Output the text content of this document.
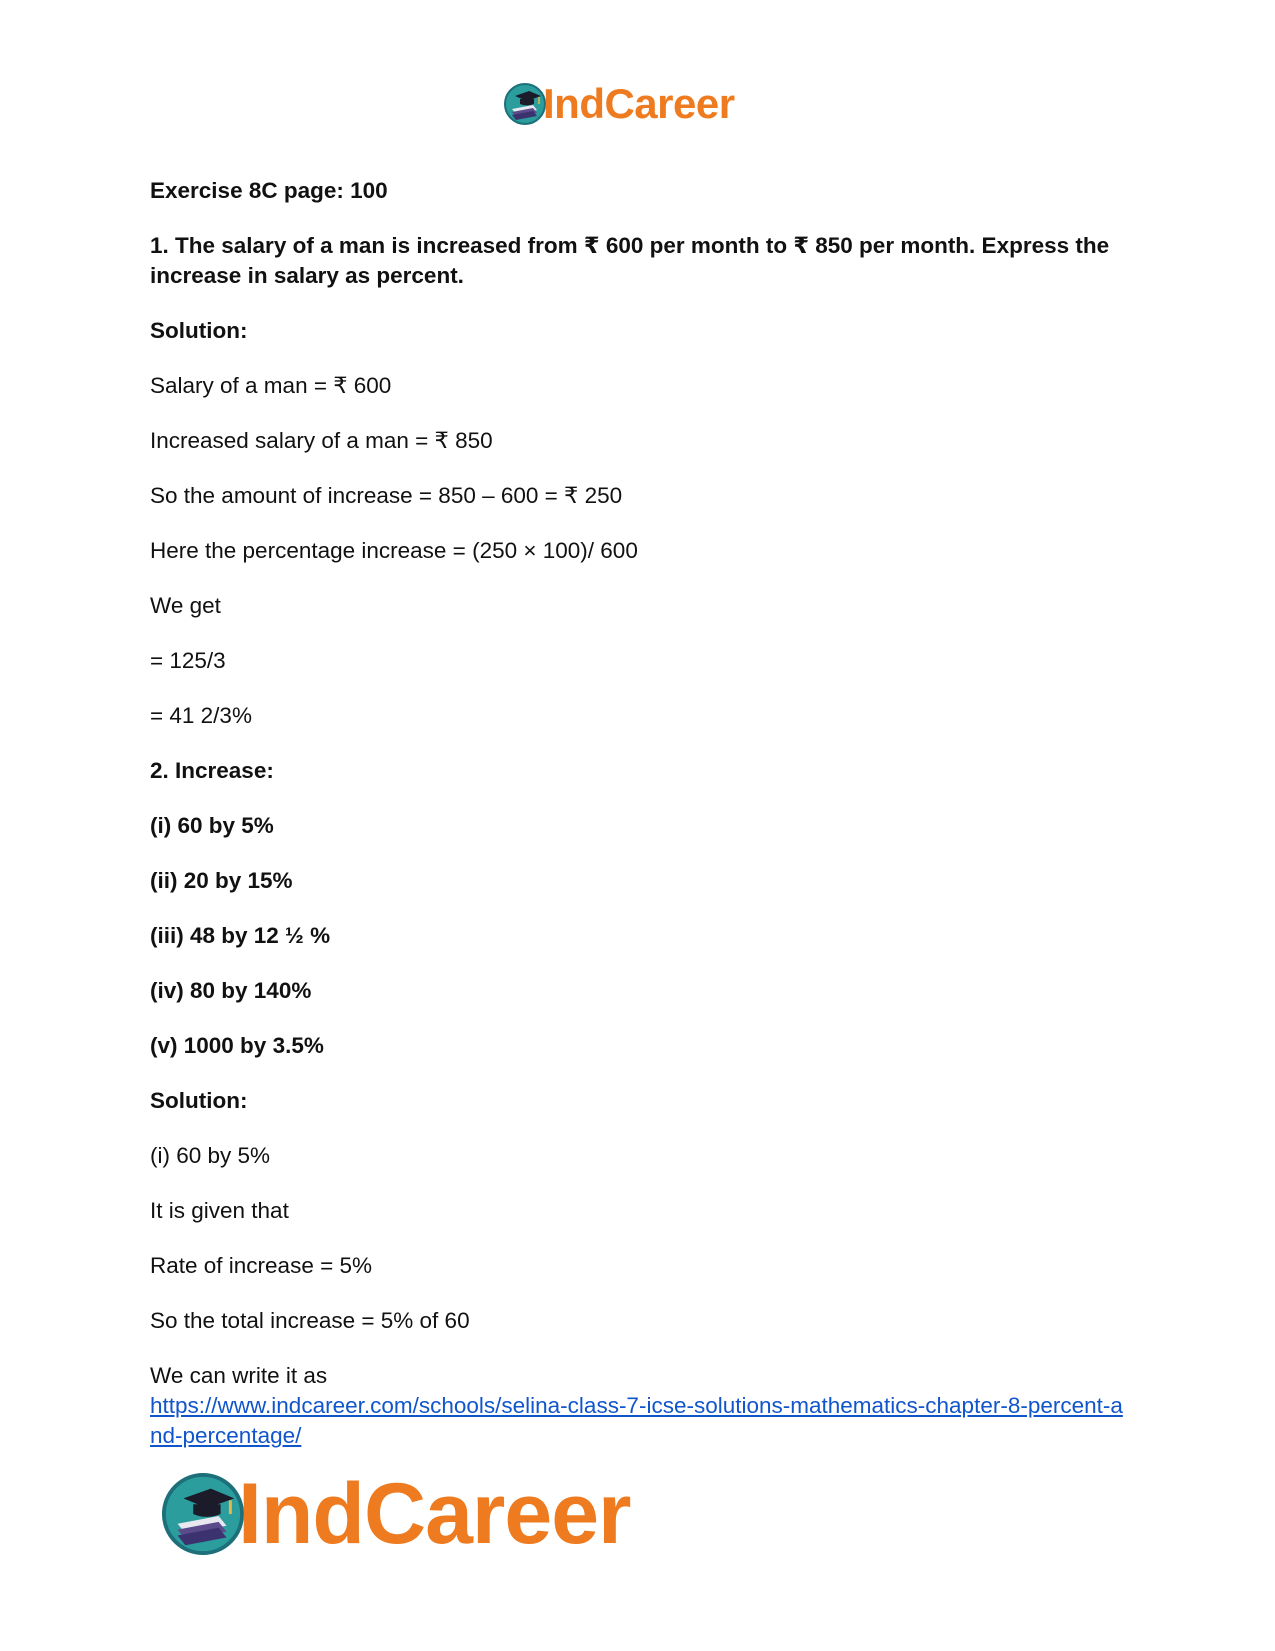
IndCareer

Exercise 8C page: 100

1. The salary of a man is increased from ₹ 600 per month to ₹ 850 per month. Express the increase in salary as percent.

Solution:

Salary of a man = ₹ 600

Increased salary of a man = ₹ 850

So the amount of increase = 850 – 600 = ₹ 250

Here the percentage increase = (250 × 100)/ 600

We get

= 125/3

= 41 2/3%

2. Increase:

(i) 60 by 5%

(ii) 20 by 15%

(iii) 48 by 12 ½ %

(iv) 80 by 140%

(v) 1000 by 3.5%

Solution:

(i) 60 by 5%

It is given that

Rate of increase = 5%

So the total increase = 5% of 60

We can write it as
https://www.indcareer.com/schools/selina-class-7-icse-solutions-mathematics-chapter-8-percent-and-percentage/
IndCareer
